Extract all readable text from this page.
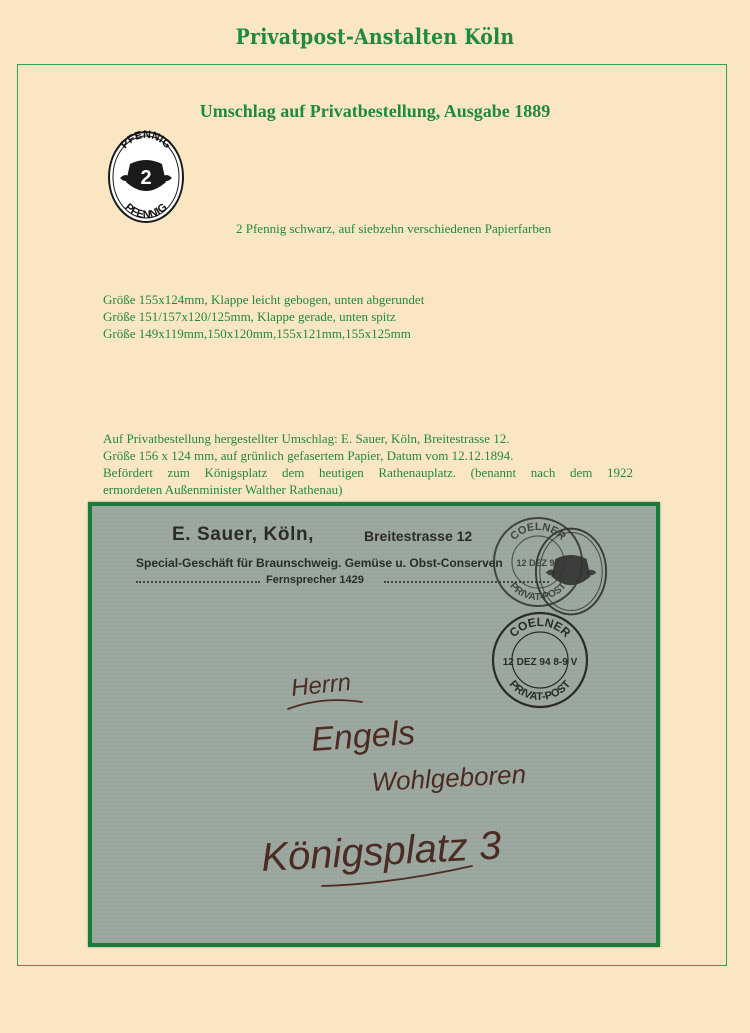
Privatpost-Anstalten Köln
Umschlag auf Privatbestellung, Ausgabe 1889
PFENNIG
PFENNIG
2
2 Pfennig schwarz, auf siebzehn verschiedenen Papierfarben
Größe 155x124mm, Klappe leicht gebogen, unten abgerundet
Größe 151/157x120/125mm, Klappe gerade, unten spitz
Größe 149x119mm,150x120mm,155x121mm,155x125mm
Auf Privatbestellung hergestellter Umschlag: E. Sauer, Köln, Breitestrasse 12.
Größe 156 x 124 mm, auf grünlich gefasertem Papier, Datum vom 12.12.1894.
Befördert zum Königsplatz dem heutigen Rathenauplatz. (benannt nach dem 1922
ermordeten Außenminister Walther Rathenau)
E. Sauer, Köln,	Breitestrasse 12
Special-Geschäft für Braunschweig. Gemüse u. Obst-Conserven
Fernsprecher 1429
COELNER
PRIVAT-POST
12 DEZ 94
COELNER
PRIVAT-POST
12 DEZ 94 8-9 V
Herrn
Engels
Wohlgeboren
Königsplatz 3
